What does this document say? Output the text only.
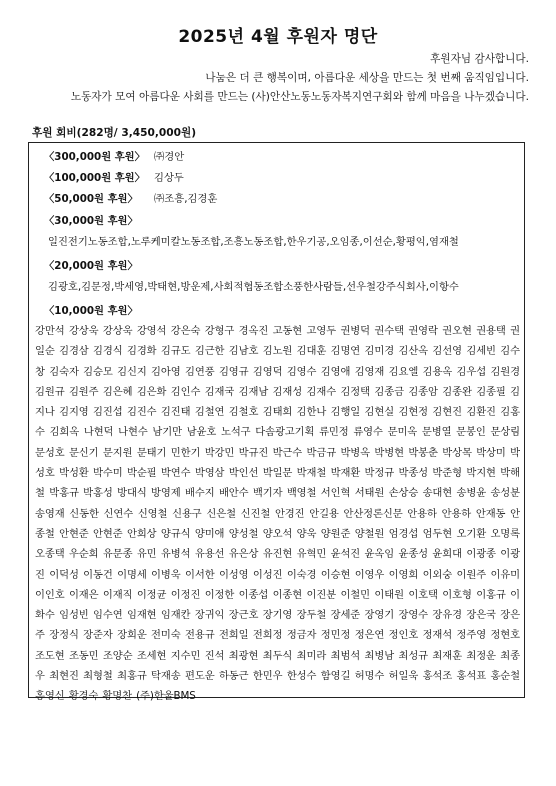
2025년 4월 후원자 명단
후원자님 감사합니다.
나눔은 더 큰 행복이며, 아름다운 세상을 만드는 첫 번째 움직임입니다.
노동자가 모여 아름다운 사회를 만드는 (사)안산노동노동자복지연구회와 함께 마음을 나누겠습니다.
후원 회비(282명/ 3,450,000원)
〈300,000원 후원〉 ㈜경안
〈100,000원 후원〉 김상두
〈50,000원 후원〉	㈜조흥,김경훈
〈30,000원 후원〉
일진전기노동조합,노루케미칼노동조합,조흥노동조합,한우기공,오임종,이선순,황평익,염재철
〈20,000원 후원〉
김광호,김문정,박세영,박태현,방운제,사회적협동조합소풍한사람들,선우철강주식회사,이항수
〈10,000원 후원〉
강만석 강상욱 강상욱 강영석 강은숙 강형구 경옥진 고동현 고영두 권병덕 권수택 권영락 권오현 권용택 권일순 김경삼 김경식 김경화 김규도 김근한 김남호 김노원 김대훈 김명연 김미경 김산옥 김선영 김세빈 김수창 김숙자 김승모 김신지 김아영 김연풍 김영규 김영덕 김영수 김영애 김영재 김요엘 김용옥 김우섭 김원경 김원규 김원주 김은혜 김은화 김인수 김재국 김재남 김재성 김재수 김정택 김종금 김종암 김종완 김종필 김지나 김지영 김진섭 김진수 김진태 김철연 김철호 김태희 김한나 김행일 김현실 김현정 김현진 김환진 김홍수 김희옥 나현덕 나현수 남기만 남윤호 노석구 다솜광고기획 류민정 류영수 문미옥 문병열 문봉인 문상림 문성호 문신기 문지원 문태기 민한기 박강민 박규진 박근수 박금규 박병옥 박병현 박봉춘 박상목 박상미 박성호 박성환 박수미 박순필 박연수 박영삼 박인선 박일문 박재철 박재환 박정규 박종성 박준형 박지현 박해철 박홍규 박홍성 방대식 방영제 배수지 배안수 백기자 백영철 서인혁 서태원 손상승 송대현 송병윤 송성분 송영재 신동한 신연수 신영철 신용구 신은철 신진철 안경진 안길용 안산정론신문 안용하 안용하 안재동 안종철 안현준 안현준 안희상 양규식 양미애 양성철 양오석 양욱 양원준 양철원 엄경섭 엄두현 오기환 오명록 오종택 우순희 유문종 유민 유병석 유용선 유은상 유진현 유혁민 윤석진 윤옥임 윤종성 윤희대 이광종 이광진 이덕성 이동건 이명세 이병욱 이서한 이성영 이성진 이숙경 이승현 이영우 이영희 이외숭 이원주 이유미 이인호 이재은 이재직 이정균 이정진 이정한 이종섭 이종현 이진분 이철민 이태원 이호택 이호형 이홍규 이화수 임성빈 임수연 임재현 임재칸 장귀익 장근호 장기영 장두철 장세준 장영기 장영수 장유경 장은국 장은주 장정식 장준자 장희운 전미숙 전용규 전희일 전희정 정금자 정민정 정은연 정인호 정재석 정주영 정현호 조도현 조동민 조양순 조세현 지수민 진석 최광현 최두식 최미라 최범석 최병남 최성규 최재훈 최정운 최종우 최현진 최형철 최홍규 탁재송 편도운 하동근 한민우 한성수 함영길 허명수 허일욱 홍석조 홍석표 홍순철 홍영신 황경숙 황명찬 (주)한울BMS
